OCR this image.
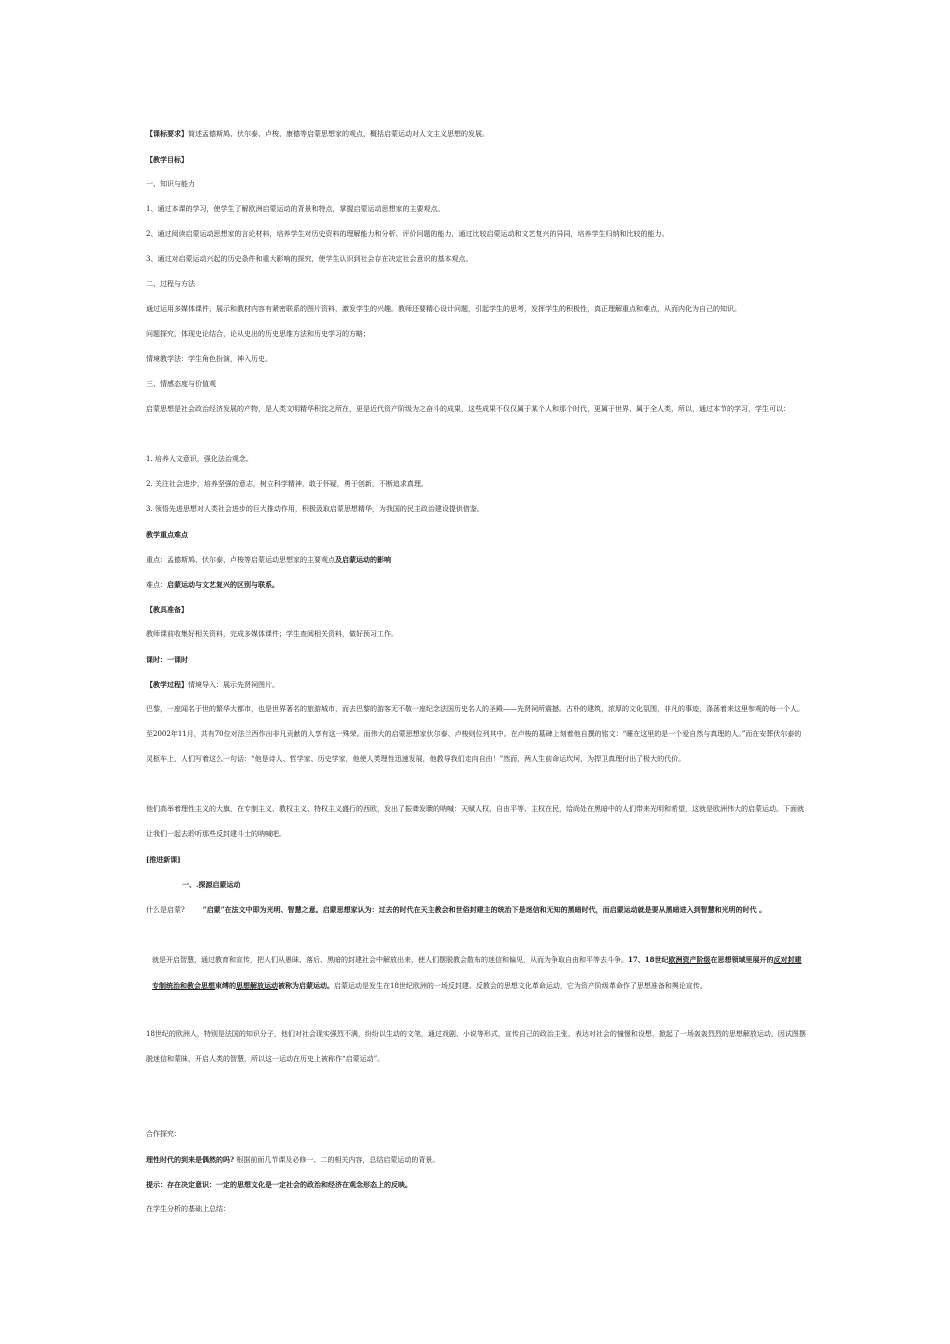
【课标要求】简述孟德斯鸠、伏尔泰、卢梭、康德等启蒙思想家的观点，概括启蒙运动对人文主义思想的发展。

【教学目标】

一、知识与能力

1、通过本课的学习，使学生了解欧洲启蒙运动的背景和特点，掌握启蒙运动思想家的主要观点。

2、通过阅读启蒙运动思想家的言论材料，培养学生对历史资料的理解能力和分析、评价问题的能力，通过比较启蒙运动和文艺复兴的异同，培养学生归纳和比较的能力。

3、通过对启蒙运动兴起的历史条件和重大影响的探究，使学生认识到社会存在决定社会意识的基本观点。

二、过程与方法

通过运用多媒体课件，展示和教材内容有紧密联系的图片资料，激发学生的兴趣。教师还要精心设计问题，引起学生的思考，发挥学生的积极性，真正理解重点和难点，从而内化为自己的知识。

问题探究，体现史论结合，论从史出的历史思维方法和历史学习的方略；

情境教学法：学生角色扮演，神入历史。

三、情感态度与价值观

启蒙思想是社会政治经济发展的产物，是人类文明精华积淀之所在，更是近代资产阶级为之奋斗的成果，这些成果不仅仅属于某个人和那个时代，更属于世界、属于全人类，所以，通过本节的学习，学生可以：

1. 培养人文意识，强化法治观念。

2. 关注社会进步，培养坚强的意志，树立科学精神，敢于怀疑，勇于创新，不断追求真理。

3. 领悟先进思想对人类社会进步的巨大推动作用，积极汲取启蒙思想精华，为我国的民主政治建设提供借鉴。

教学重点难点

重点：孟德斯鸠、伏尔泰、卢梭等启蒙运动思想家的主要观点及启蒙运动的影响

难点：启蒙运动与文艺复兴的区别与联系。

【教具准备】

教师课前收集好相关资料，完成多媒体课件；学生查阅相关资料，做好预习工作。

课时：一课时

【教学过程】情境导入：展示先贤祠图片。

巴黎，一座闻名于世的繁华大都市，也是世界著名的旅游城市，而去巴黎的游客无不敬一座纪念法国历史名人的圣殿——先贤祠所震撼。古朴的建筑，浓厚的文化氛围，非凡的事迹，涤荡着来这里参观的每一个人。至2002年11月，共有70位对法兰西作出非凡贡献的人享有这一殊荣。而伟大的启蒙思想家伏尔泰、卢梭则位列其中。在卢梭的墓碑上刻着他自撰的铭文：“睡在这里的是一个爱自然与真理的人。”而在安葬伏尔泰的灵柩车上，人们写着这么一句话：“他是诗人、哲学家、历史学家，他使人类理性迅速发展，他教导我们走向自由！”然而，两人生前命运坎坷，为捍卫真理付出了极大的代价。

他们高举着理性主义的大旗，在专制主义、教权主义、特权主义盛行的西欧，发出了振聋发聩的呐喊：天赋人权、自由平等、主权在民，给尚处在黑暗中的人们带来光明和希望，这就是欧洲伟大的启蒙运动。下面就让我们一起去聆听那些反封建斗士的呐喊吧。

[推进新课]

一、.探源启蒙运动

什么是启蒙?	“启蒙”在法文中即为光明、智慧之意。启蒙思想家认为：过去的时代在天主教会和世俗封建主的统治下是迷信和无知的黑暗时代，而启蒙运动就是要从黑暗进入到智慧和光明的时代 。

就是开启智慧，通过教育和宣传，把人们从愚昧、落后、黑暗的封建社会中解放出来，使人们摆脱教会散布的迷信和偏见，从而为争取自由和平等去斗争。17、18世纪欧洲资产阶级在思想领域里展开的反对封建专制统治和教会思想束缚的思想解放运动被称为启蒙运动。启蒙运动是发生在18世纪欧洲的一场反封建、反教会的思想文化革命运动，它为资产阶级革命作了思想准备和舆论宣传。

18世纪的欧洲人，特别是法国的知识分子，他们对社会现实强烈不满，纷纷以生动的文笔，通过戏剧、小说等形式，宣传自己的政治主张，表达对社会的憧憬和设想，掀起了一场轰轰烈烈的思想解放运动，因试图摆脱迷信和蒙昧，开启人类的智慧，所以这一运动在历史上被称作“启蒙运动”。

合作探究：

理性时代的到来是偶然的吗? 根据前面几节课及必修一、二的相关内容，总结启蒙运动的背景。

提示：存在决定意识：一定的思想文化是一定社会的政治和经济在观念形态上的反映。

在学生分析的基础上总结：
